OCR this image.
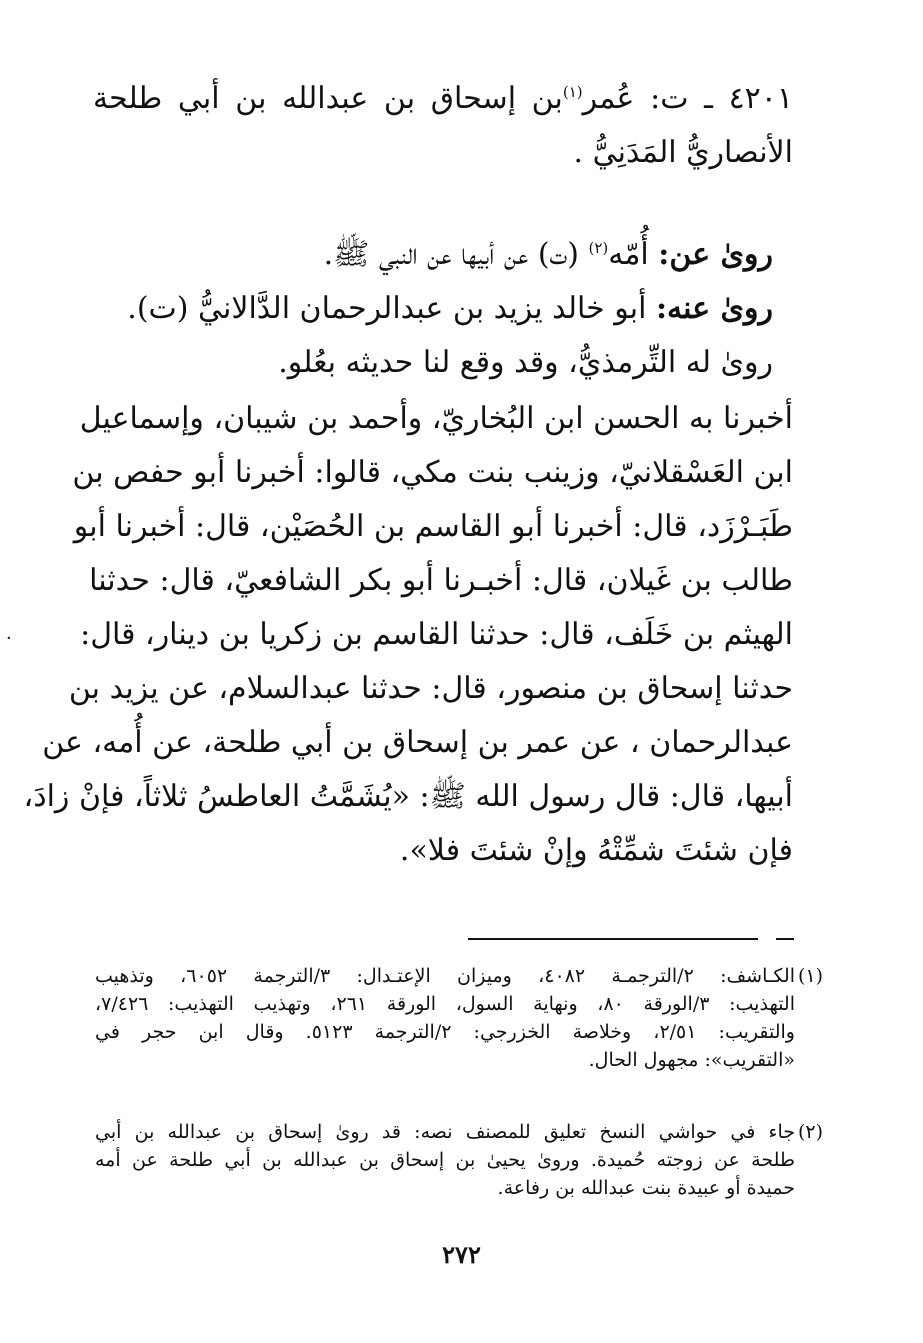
٤٢٠١ ـ ت: عُمر$^{(١)}$بن إسحاق بن عبدالله بن أبي طلحة
الأنصاريُّ المَدَنِيُّ .
روىٰ عن: أُمّه$^{(٢)}$ (ت) عن أبيها عن النبي ﷺ.
روىٰ عنه: أبو خالد يزيد بن عبدالرحمان الدَّالانيُّ (ت).
روىٰ له التِّرمذيُّ، وقد وقع لنا حديثه بعُلو.
أخبرنا به الحسن ابن البُخاريّ، وأحمد بن شيبان، وإسماعيل
ابن العَسْقلانيّ، وزينب بنت مكي، قالوا: أخبرنا أبو حفص بن
طَبَـرْزَد، قال: أخبرنا أبو القاسم بن الحُصَيْن، قال: أخبرنا أبو
طالب بن غَيلان، قال: أخبـرنا أبو بكر الشافعيّ، قال: حدثنا
الهيثم بن خَلَف، قال: حدثنا القاسم بن زكريا بن دينار، قال:
حدثنا إسحاق بن منصور، قال: حدثنا عبدالسلام، عن يزيد بن
عبدالرحمان ، عن عمر بن إسحاق بن أبي طلحة، عن أُمه، عن
أبيها، قال: قال رسول الله ﷺ: «يُشَمَّتُ العاطسُ ثلاثاً، فإنْ زادَ،
فإن شئتَ شمِّتْهُ وإنْ شئتَ فلا».
(١)
الكـاشف: ٢/الترجمـة ٤٠٨٢، وميزان الإعتـدال: ٣/الترجمة ٦٠٥٢، وتذهيب
التهذيب: ٣/الورقة ٨٠، ونهاية السول، الورقة ٢٦١، وتهذيب التهذيب: ٧/٤٢٦،
والتقريب: ٢/٥١، وخلاصة الخزرجي: ٢/الترجمة ٥١٢٣. وقال ابن حجر في
«التقريب»: مجهول الحال.
(٢)
جاء في حواشي النسخ تعليق للمصنف نصه: قد روىٰ إسحاق بن عبدالله بن أبي
طلحة عن زوجته حُميدة. وروىٰ يحيىٰ بن إسحاق بن عبدالله بن أبي طلحة عن أمه
حميدة أو عبيدة بنت عبدالله بن رفاعة.
٢٧٢
·
